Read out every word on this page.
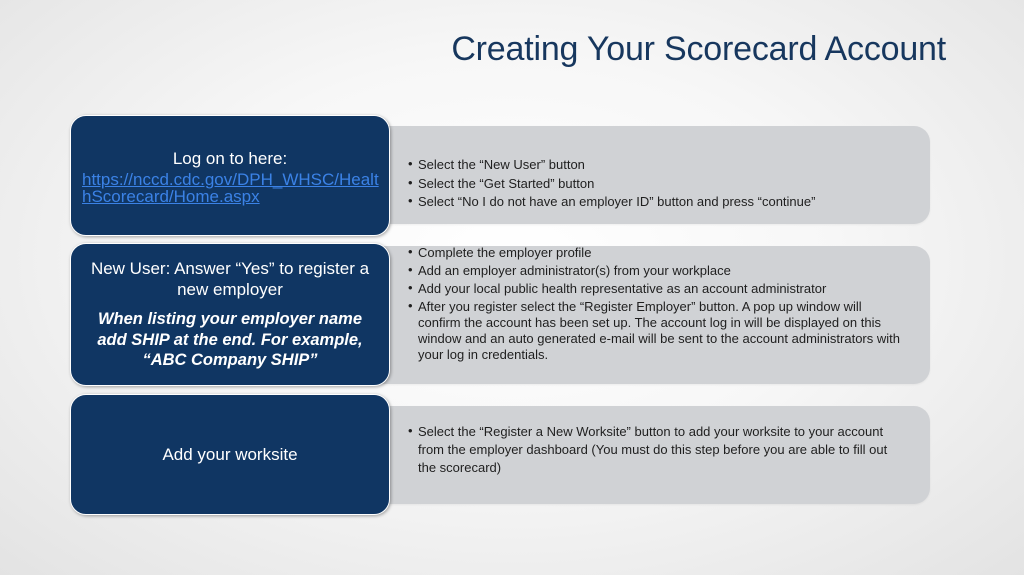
Creating Your Scorecard Account
Log on to here:
https://nccd.cdc.gov/DPH_WHSC/HealthScorecard/Home.aspx
• Select the “New User” button
• Select the “Get Started” button
• Select “No I do not have an employer ID” button and press “continue”
New User: Answer “Yes” to register a new employer
When listing your employer name add SHIP at the end. For example, “ABC Company SHIP”
• Complete the employer profile
• Add an employer administrator(s) from your workplace
• Add your local public health representative as an account administrator
• After you register select the “Register Employer” button. A pop up window will confirm the account has been set up. The account log in will be displayed on this window and an auto generated e-mail will be sent to the account administrators with your log in credentials.
Add your worksite
• Select the “Register a New Worksite” button to add your worksite to your account from the employer dashboard (You must do this step before you are able to fill out the scorecard)
